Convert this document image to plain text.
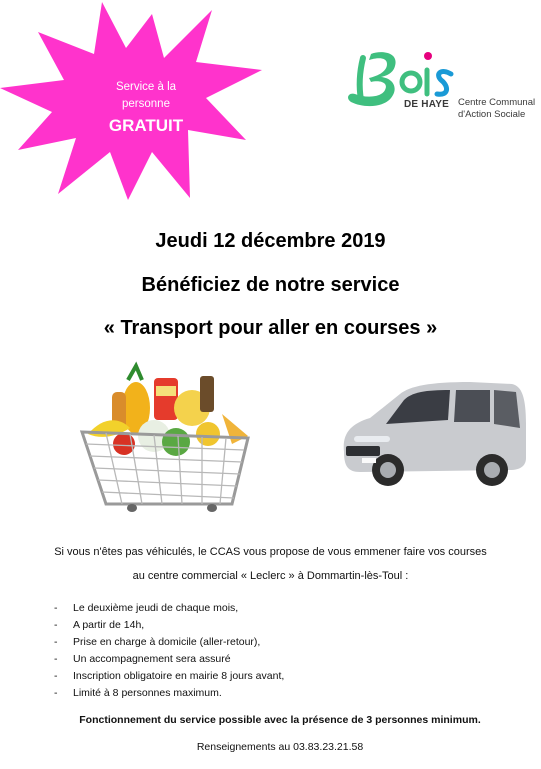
Service à la
personne
GRATUIT
DE HAYE Centre Communal
d'Action Sociale
Jeudi 12 décembre 2019
Bénéficiez de notre service
« Transport pour aller en courses »
Si vous n'êtes pas véhiculés, le CCAS vous propose de vous emmener faire vos courses
au centre commercial « Leclerc » à Dommartin-lès-Toul :
- Le deuxième jeudi de chaque mois,
- A partir de 14h,
- Prise en charge à domicile (aller-retour),
- Un accompagnement sera assuré
- Inscription obligatoire en mairie 8 jours avant,
- Limité à 8 personnes maximum.
Fonctionnement du service possible avec la présence de 3 personnes minimum.
Renseignements au 03.83.23.21.58
